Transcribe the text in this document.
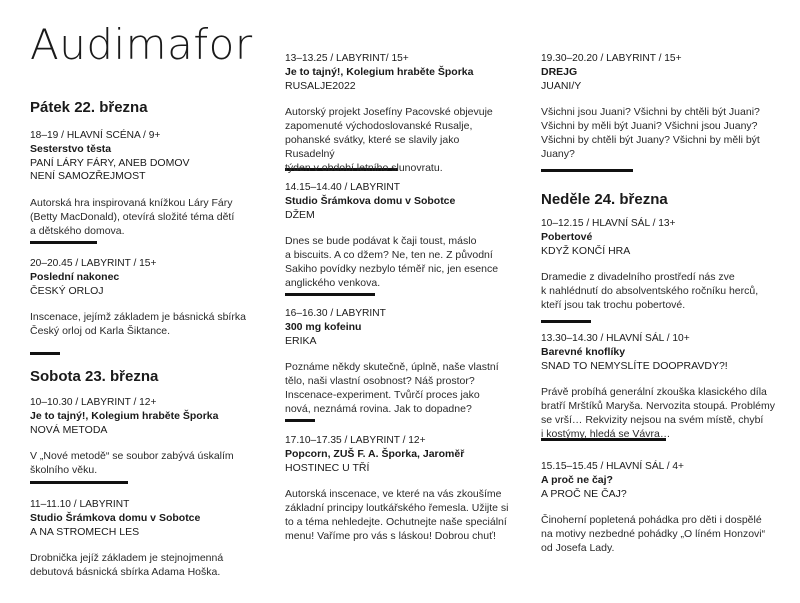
Audimafor
Pátek 22. března
Sobota 23. března
Neděle 24. března
18–19 / HLAVNÍ SCÉNA / 9+
Sesterstvo těsta
PANÍ LÁRY FÁRY, ANEB DOMOV
NENÍ SAMOZŘEJMOST
Autorská hra inspirovaná knížkou Láry Fáry
(Betty MacDonald), otevírá složité téma dětí
a dětského domova.
20–20.45 / LABYRINT / 15+
Poslední nakonec
ČESKÝ ORLOJ
Inscenace, jejímž základem je básnická sbírka
Český orloj od Karla Šiktance.
10–10.30 / LABYRINT / 12+
Je to tajný!, Kolegium hraběte Šporka
NOVÁ METODA
V „Nové metodě“ se soubor zabývá úskalím
školního věku.
11–11.10 / LABYRINT
Studio Šrámkova domu v Sobotce
A NA STROMECH LES
Drobnička jejíž základem je stejnojmenná
debutová básnická sbírka Adama Hoška.
13–13.25 / LABYRINT/ 15+
Je to tajný!, Kolegium hraběte Šporka
RUSALJE2022
Autorský projekt Josefíny Pacovské objevuje
zapomenuté východoslovanské Rusalje,
pohanské svátky, které se slavily jako Rusadelný
týden v období letního slunovratu.
14.15–14.40 / LABYRINT
Studio Šrámkova domu v Sobotce
DŽEM
Dnes se bude podávat k čaji toust, máslo
a biscuits. A co džem? Ne, ten ne. Z původní
Sakiho povídky nezbylo téměř nic, jen esence
anglického venkova.
16–16.30 / LABYRINT
300 mg kofeinu
ERIKA
Poznáme někdy skutečně, úplně, naše vlastní
tělo, naši vlastní osobnost? Náš prostor?
Inscenace-experiment. Tvůrčí proces jako
nová, neznámá rovina. Jak to dopadne?
17.10–17.35 / LABYRINT / 12+
Popcorn, ZUŠ F. A. Šporka, Jaroměř
HOSTINEC U TŘÍ
Autorská inscenace, ve které na vás zkoušíme
základní principy loutkářského řemesla. Užijte si
to a téma nehledejte. Ochutnejte naše speciální
menu! Vaříme pro vás s láskou! Dobrou chuť!
19.30–20.20 / LABYRINT / 15+
DREJG
JUANI/Y
Všichni jsou Juani? Všichni by chtěli být Juani?
Všichni by měli být Juani? Všichni jsou Juany?
Všichni by chtěli být Juany? Všichni by měli být
Juany?
10–12.15 / HLAVNÍ SÁL / 13+
Pobertové
KDYŽ KONČÍ HRA
Dramedie z divadelního prostředí nás zve
k nahlédnutí do absolventského ročníku herců,
kteří jsou tak trochu pobertové.
13.30–14.30 / HLAVNÍ SÁL / 10+
Barevné knoflíky
SNAD TO NEMYSLÍTE DOOPRAVDY?!
Právě probíhá generální zkouška klasického díla
bratří Mrštíků Maryša. Nervozita stoupá. Problémy
se vrší… Rekvizity nejsou na svém místě, chybí
i kostýmy, hledá se Vávra…
15.15–15.45 / HLAVNÍ SÁL / 4+
A proč ne čaj?
A PROČ NE ČAJ?
Činoherní popletená pohádka pro děti i dospělé
na motivy nezbedné pohádky „O líném Honzovi“
od Josefa Lady.
